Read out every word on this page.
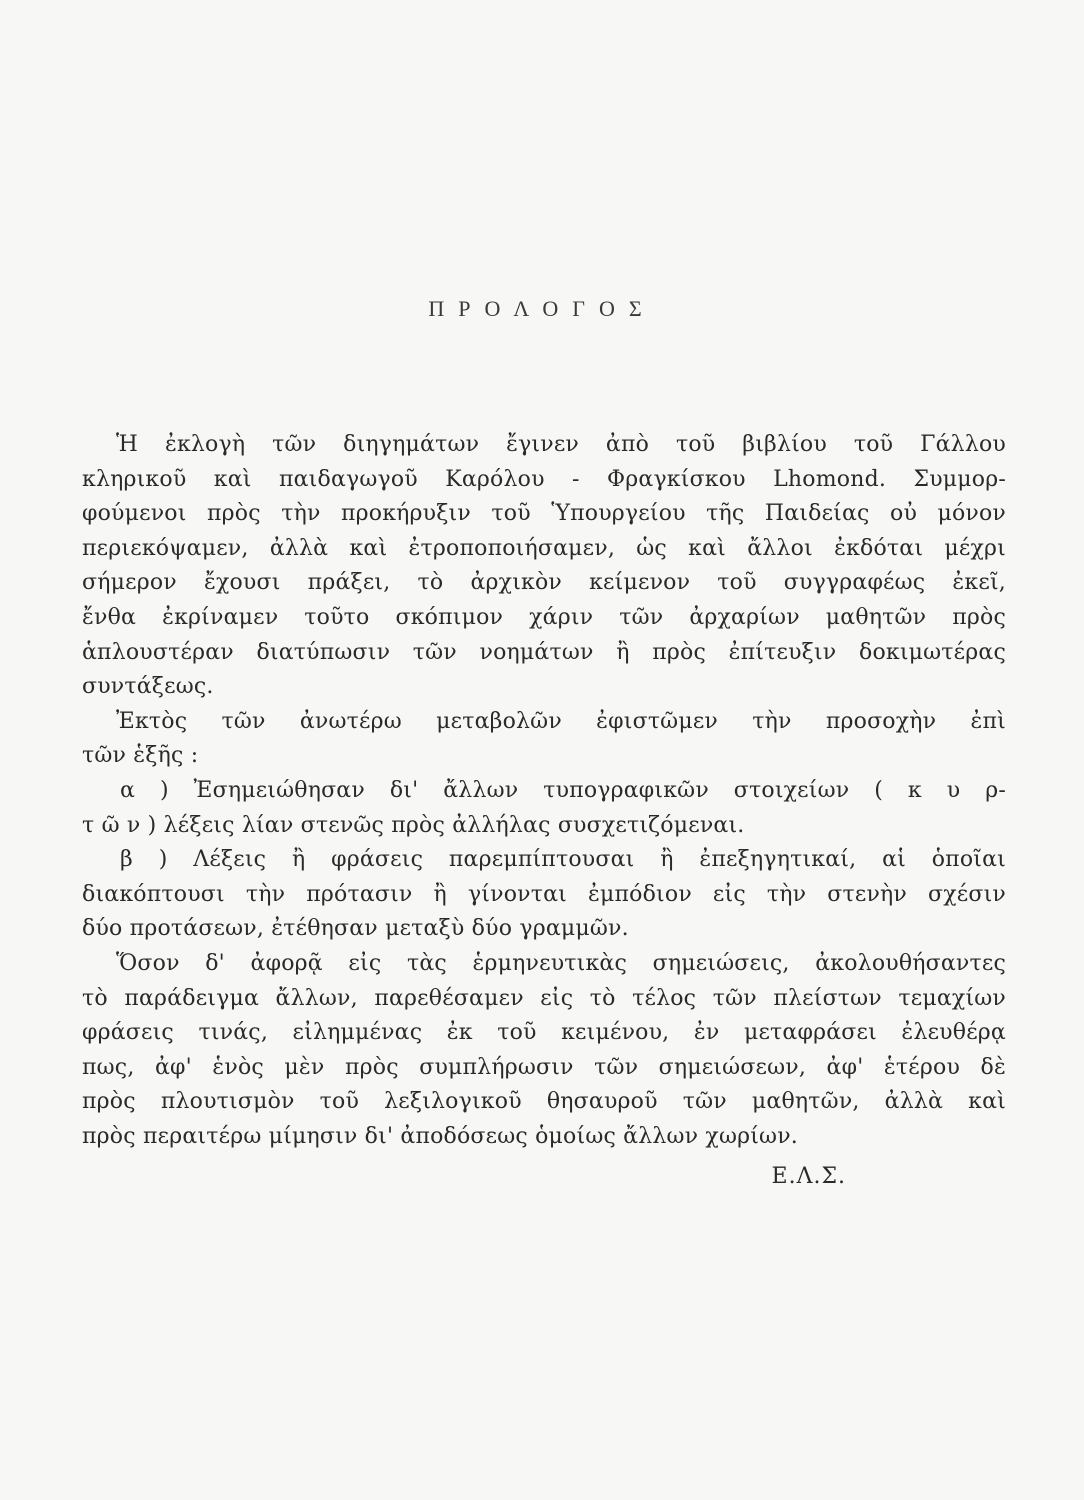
ΠΡΟΛΟΓΟΣ
Ἡ ἐκλογὴ τῶν διηγημάτων ἔγινεν ἀπὸ τοῦ βιβλίου τοῦ Γάλλου
κληρικοῦ καὶ παιδαγωγοῦ Καρόλου - Φραγκίσκου Lhomond. Συμμορ-
φούμενοι πρὸς τὴν προκήρυξιν τοῦ Ὑπουργείου τῆς Παιδείας οὐ μόνον
περιεκόψαμεν, ἀλλὰ καὶ ἐτροποποιήσαμεν, ὡς καὶ ἄλλοι ἐκδόται μέχρι
σήμερον ἔχουσι πράξει, τὸ ἀρχικὸν κείμενον τοῦ συγγραφέως ἐκεῖ,
ἔνθα ἐκρίναμεν τοῦτο σκόπιμον χάριν τῶν ἀρχαρίων μαθητῶν πρὸς
ἁπλουστέραν διατύπωσιν τῶν νοημάτων ἢ πρὸς ἐπίτευξιν δοκιμωτέρας
συντάξεως.
Ἐκτὸς τῶν ἀνωτέρω μεταβολῶν ἐφιστῶμεν τὴν προσοχὴν ἐπὶ
τῶν ἑξῆς :
α ) Ἐσημειώθησαν δι' ἄλλων τυπογραφικῶν στοιχείων ( κ υ ρ-
τ ῶ ν ) λέξεις λίαν στενῶς πρὸς ἀλλήλας συσχετιζόμεναι.
β ) Λέξεις ἢ φράσεις παρεμπίπτουσαι ἢ ἐπεξηγητικαί, αἱ ὁποῖαι
διακόπτουσι τὴν πρότασιν ἢ γίνονται ἐμπόδιον εἰς τὴν στενὴν σχέσιν
δύο προτάσεων, ἐτέθησαν μεταξὺ δύο γραμμῶν.
Ὅσον δ' ἀφορᾷ εἰς τὰς ἑρμηνευτικὰς σημειώσεις, ἀκολουθήσαντες
τὸ παράδειγμα ἄλλων, παρεθέσαμεν εἰς τὸ τέλος τῶν πλείστων τεμαχίων
φράσεις τινάς, εἰλημμένας ἐκ τοῦ κειμένου, ἐν μεταφράσει ἐλευθέρᾳ
πως, ἀφ' ἑνὸς μὲν πρὸς συμπλήρωσιν τῶν σημειώσεων, ἀφ' ἑτέρου δὲ
πρὸς πλουτισμὸν τοῦ λεξιλογικοῦ θησαυροῦ τῶν μαθητῶν, ἀλλὰ καὶ
πρὸς περαιτέρω μίμησιν δι' ἀποδόσεως ὁμοίως ἄλλων χωρίων.
Ε.Λ.Σ.
